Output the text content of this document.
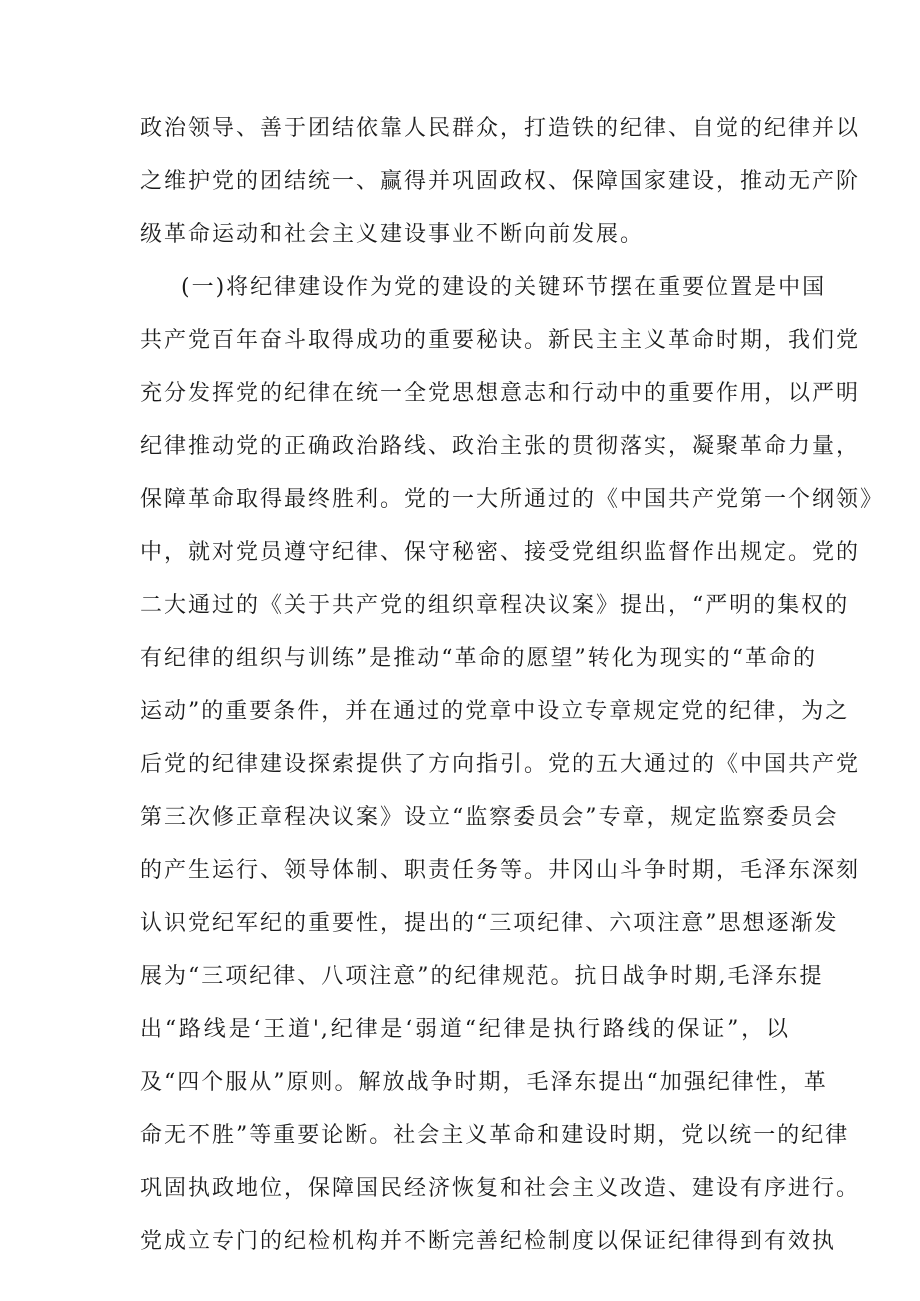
政治领导、善于团结依靠人民群众，打造铁的纪律、自觉的纪律并以
之维护党的团结统一、赢得并巩固政权、保障国家建设，推动无产阶
级革命运动和社会主义建设事业不断向前发展。
(一)将纪律建设作为党的建设的关键环节摆在重要位置是中国
共产党百年奋斗取得成功的重要秘诀。新民主主义革命时期，我们党
充分发挥党的纪律在统一全党思想意志和行动中的重要作用，以严明
纪律推动党的正确政治路线、政治主张的贯彻落实，凝聚革命力量，
保障革命取得最终胜利。党的一大所通过的《中国共产党第一个纲领》
中，就对党员遵守纪律、保守秘密、接受党组织监督作出规定。党的
二大通过的《关于共产党的组织章程决议案》提出，“严明的集权的
有纪律的组织与训练”是推动“革命的愿望”转化为现实的“革命的
运动”的重要条件，并在通过的党章中设立专章规定党的纪律，为之
后党的纪律建设探索提供了方向指引。党的五大通过的《中国共产党
第三次修正章程决议案》设立“监察委员会”专章，规定监察委员会
的产生运行、领导体制、职责任务等。井冈山斗争时期，毛泽东深刻
认识党纪军纪的重要性，提出的“三项纪律、六项注意”思想逐渐发
展为“三项纪律、八项注意”的纪律规范。抗日战争时期,毛泽东提
出“路线是‘王道',纪律是‘弱道“纪律是执行路线的保证”，以
及“四个服从”原则。解放战争时期，毛泽东提出“加强纪律性，革
命无不胜”等重要论断。社会主义革命和建设时期，党以统一的纪律
巩固执政地位，保障国民经济恢复和社会主义改造、建设有序进行。
党成立专门的纪检机构并不断完善纪检制度以保证纪律得到有效执
